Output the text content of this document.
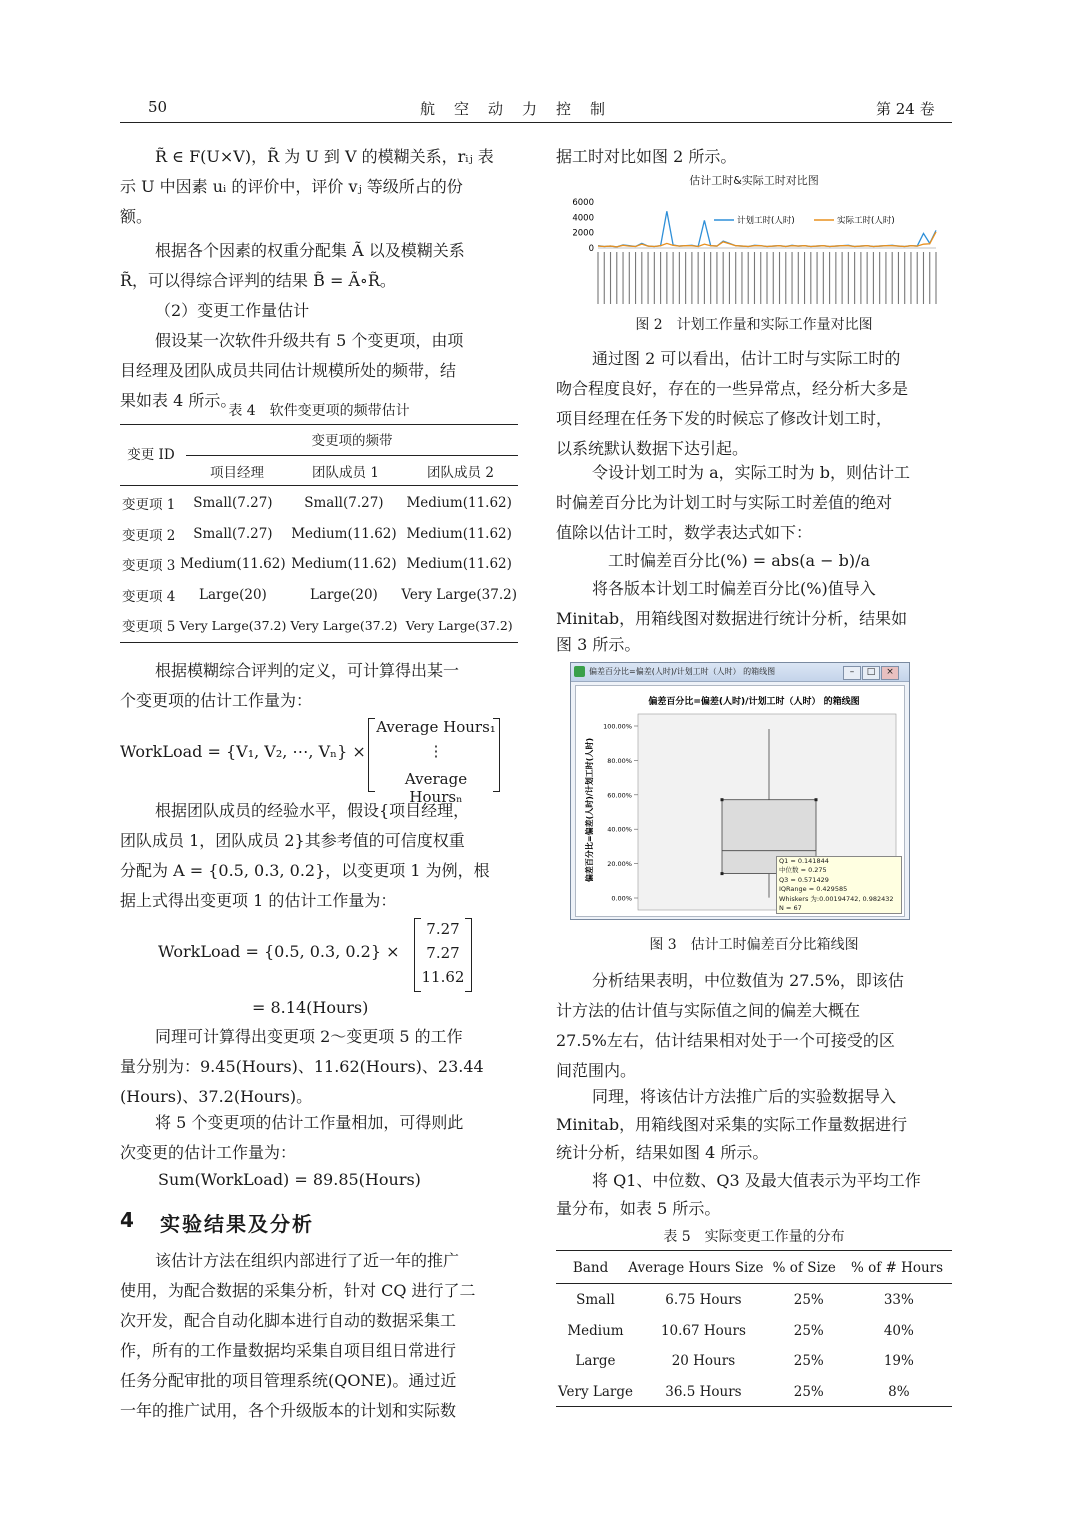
50	航　空　动　力　控　制	第 24 卷

R̃ ∈ F(U×V)，R̃ 为 U 到 V 的模糊关系，rᵢⱼ 表

示 U 中因素 uᵢ 的评价中，评价 vⱼ 等级所占的份

额。

根据各个因素的权重分配集 Ã 以及模糊关系

R̃，可以得综合评判的结果 B̃ = Ã∘R̃。

（2）变更工作量估计

假设某一次软件升级共有 5 个变更项，由项

目经理及团队成员共同估计规模所处的频带，结

果如表 4 所示。

表 4　软件变更项的频带估计
变更 ID
变更项的频带
项目经理	团队成员 1	团队成员 2
变更项 1	Small(7.27)	Small(7.27)	Medium(11.62)
变更项 2	Small(7.27)	Medium(11.62)	Medium(11.62)
变更项 3	Medium(11.62)	Medium(11.62)	Medium(11.62)
变更项 4	Large(20)	Large(20)	Very Large(37.2)
变更项 5	Very Large(37.2)	Very Large(37.2)	Very Large(37.2)

根据模糊综合评判的定义，可计算得出某一

个变更项的估计工作量为：

WorkLoad = {V₁, V₂, ⋯, Vₙ} ×
Average Hours₁
⋮
Average Hoursₙ

根据团队成员的经验水平，假设{项目经理，

团队成员 1，团队成员 2}其参考值的可信度权重

分配为 A = {0.5, 0.3, 0.2}，以变更项 1 为例，根

据上式得出变更项 1 的估计工作量为：

WorkLoad = {0.5, 0.3, 0.2} ×
7.27
7.27
11.62
= 8.14(Hours)

同理可计算得出变更项 2～变更项 5 的工作

量分别为：9.45(Hours)、11.62(Hours)、23.44

(Hours)、37.2(Hours)。

将 5 个变更项的估计工作量相加，可得则此

次变更的估计工作量为：

Sum(WorkLoad) = 89.85(Hours)
4 实验结果及分析

该估计方法在组织内部进行了近一年的推广

使用，为配合数据的采集分析，针对 CQ 进行了二

次开发，配合自动化脚本进行自动的数据采集工

作，所有的工作量数据均采集自项目组日常进行

任务分配审批的项目管理系统(QONE)。通过近

一年的推广试用，各个升级版本的计划和实际数

据工时对比如图 2 所示。

估计工时&实际工时对比图
0
2000
4000
6000
计划工时(人时)	实际工时(人时)
图 2　计划工作量和实际工作量对比图

通过图 2 可以看出，估计工时与实际工时的

吻合程度良好，存在的一些异常点，经分析大多是

项目经理在任务下发的时候忘了修改计划工时，

以系统默认数据下达引起。

令设计划工时为 a，实际工时为 b，则估计工

时偏差百分比为计划工时与实际工时差值的绝对

值除以估计工时，数学表达式如下：

工时偏差百分比(%) = abs(a − b)/a

将各版本计划工时偏差百分比(%)值导入

Minitab，用箱线图对数据进行统计分析，结果如

图 3 所示。

偏差百分比=偏差(人时)/计划工时（人时） 的箱线图	–	□	×
偏差百分比=偏差(人时)/计划工时（人时） 的箱线图
偏差百分比=偏差(人时)/计划工时(人时)
0.00%
20.00%
40.00%
60.00%
80.00%
100.00%
Q1 = 0.141844
中位数 = 0.275
Q3 = 0.571429
IQRange = 0.429585
Whiskers 为:0.00194742, 0.982432
N = 67
图 3　估计工时偏差百分比箱线图

分析结果表明，中位数值为 27.5%，即该估

计方法的估计值与实际值之间的偏差大概在

27.5%左右，估计结果相对处于一个可接受的区

间范围内。

同理，将该估计方法推广后的实验数据导入

Minitab，用箱线图对采集的实际工作量数据进行

统计分析，结果如图 4 所示。

将 Q1、中位数、Q3 及最大值表示为平均工作

量分布，如表 5 所示。

表 5　实际变更工作量的分布
Band	Average Hours Size	% of Size	% of # Hours
Small	6.75 Hours	25%	33%
Medium	10.67 Hours	25%	40%
Large	20 Hours	25%	19%
Very Large	36.5 Hours	25%	8%
